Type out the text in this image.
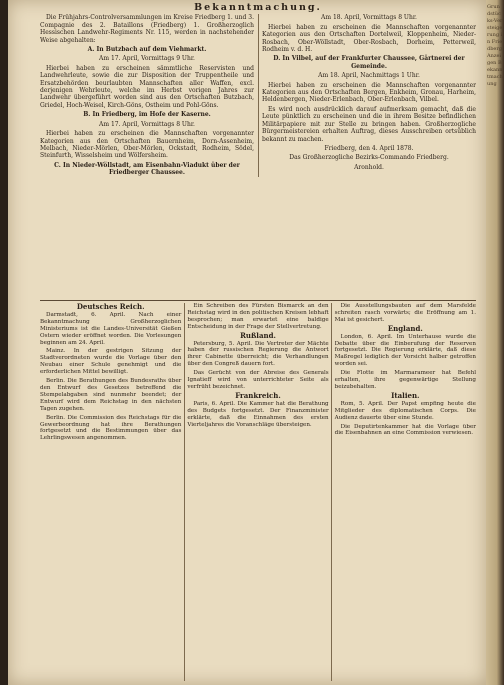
Bekanntmachung.

Die Frühjahrs-Controlversammlungen im Kreise Friedberg 1. und 3. Compagnie des 2. Bataillons (Friedberg) 1. Großherzoglich Hessischen Landwehr-Regiments Nr. 115, werden in nachstehender Weise abgehalten:

A. In Butzbach auf dem Viehmarkt.

Am 17. April, Vormittags 9 Uhr.

Hierbei haben zu erscheinen sämmtliche Reservisten und Landwehrleute, sowie die zur Disposition der Truppentheile und Ersatzbehörden beurlaubten Mannschaften aller Waffen, excl. derjenigen Wehrleute, welche im Herbst vorigen Jahres zur Landwehr übergeführt worden sind aus den Ortschaften Butzbach, Griedel, Hoch-Weisel, Kirch-Göns, Ostheim und Pohl-Göns.

B. In Friedberg, im Hofe der Kaserne.

Am 17. April, Vormittags 8 Uhr.

Hierbei haben zu erscheinen die Mannschaften vorgenannter Kategorien aus den Ortschaften Bauernheim, Dorn-Assenheim, Melbach, Nieder-Mörlen, Ober-Mörlen, Ockstadt, Rodheim, Södel, Steinfurth, Wisselsheim und Wölfersheim.

C. In Nieder-Wöllstadt, am Eisenbahn-Viadukt über der Friedberger Chaussee.

Am 18. April, Vormittags 8 Uhr.

Hierbei haben zu erscheinen die Mannschaften vorgenannter Kategorien aus den Ortschaften Dortelweil, Kloppenheim, Nieder-Rosbach, Ober-Wöllstadt, Ober-Rosbach, Dorheim, Petterweil, Rodheim v. d. H.

D. In Vilbel, auf der Frankfurter Chaussee, Gärtnerei der Gemeinde.

Am 18. April, Nachmittags 1 Uhr.

Hierbei haben zu erscheinen die Mannschaften vorgenannter Kategorien aus den Ortschaften Bergen, Enkheim, Gronau, Harheim, Heldenbergen, Nieder-Erlenbach, Ober-Erlenbach, Vilbel.

Es wird noch ausdrücklich darauf aufmerksam gemacht, daß die Leute pünktlich zu erscheinen und die in ihrem Besitze befindlichen Militärpapiere mit zur Stelle zu bringen haben. Großherzogliche Bürgermeistereien erhalten Auftrag, dieses Ausschreiben ortsüblich bekannt zu machen.

Friedberg, den 4. April 1878.

Das Großherzogliche Bezirks-Commando Friedberg.

Aronhold.

Deutsches Reich.

Darmstadt, 6. April. Nach einer Bekanntmachung Großherzoglichen Ministeriums ist die Landes-Universität Gießen Ostern wieder eröffnet worden. Die Vorlesungen beginnen am 24. April.

Mainz. In der gestrigen Sitzung der Stadtverordneten wurde die Vorlage über den Neubau einer Schule genehmigt und die erforderlichen Mittel bewilligt.

Berlin. Die Berathungen des Bundesraths über den Entwurf des Gesetzes betreffend die Stempelabgaben sind nunmehr beendet; der Entwurf wird dem Reichstag in den nächsten Tagen zugehen.

Berlin. Die Commission des Reichstags für die Gewerbeordnung hat ihre Berathungen fortgesetzt und die Bestimmungen über das Lehrlingswesen angenommen.

Ein Schreiben des Fürsten Bismarck an den Reichstag wird in den politischen Kreisen lebhaft besprochen; man erwartet eine baldige Entscheidung in der Frage der Stellvertretung.

Rußland.

Petersburg, 5. April. Die Vertreter der Mächte haben der russischen Regierung die Antwort ihrer Cabinette überreicht; die Verhandlungen über den Congreß dauern fort.

Das Gerücht von der Abreise des Generals Ignatieff wird von unterrichteter Seite als verfrüht bezeichnet.

Frankreich.

Paris, 6. April. Die Kammer hat die Berathung des Budgets fortgesetzt. Der Finanzminister erklärte, daß die Einnahmen des ersten Vierteljahres die Voranschläge übersteigen.

Die Ausstellungsbauten auf dem Marsfelde schreiten rasch vorwärts; die Eröffnung am 1. Mai ist gesichert.

England.

London, 6. April. Im Unterhause wurde die Debatte über die Einberufung der Reserven fortgesetzt. Die Regierung erklärte, daß diese Maßregel lediglich der Vorsicht halber getroffen worden sei.

Die Flotte im Marmarameer hat Befehl erhalten, ihre gegenwärtige Stellung beizubehalten.

Italien.

Rom, 5. April. Der Papst empfing heute die Mitglieder des diplomatischen Corps. Die Audienz dauerte über eine Stunde.

Die Deputirtenkammer hat die Vorlage über die Eisenbahnen an eine Commission verwiesen.

Grundstücks-Versteigerung in Friedberg Anzeigen Bekanntmachung
